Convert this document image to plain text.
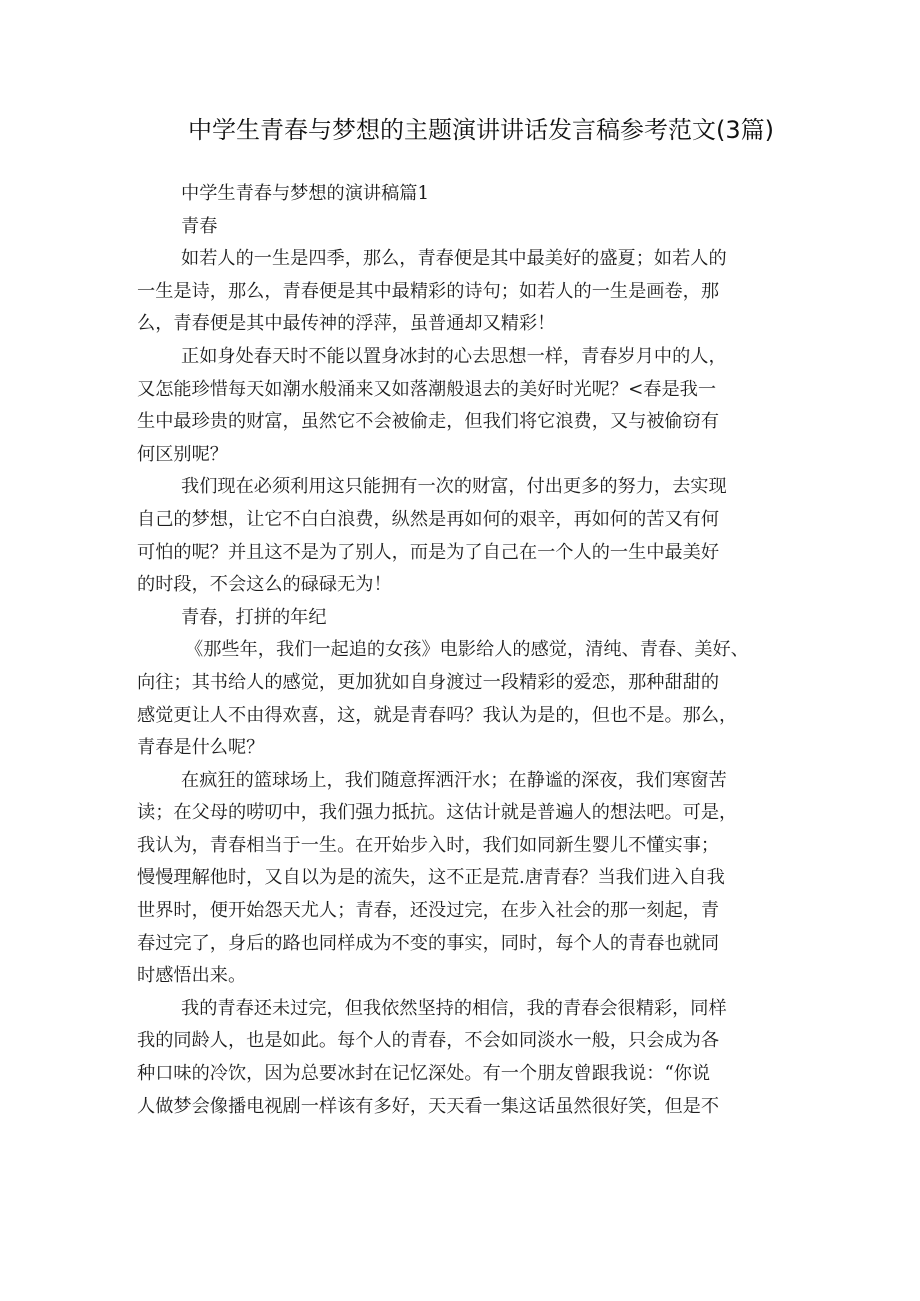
中学生青春与梦想的主题演讲讲话发言稿参考范文(3篇)
中学生青春与梦想的演讲稿篇1
青春
如若人的一生是四季，那么，青春便是其中最美好的盛夏；如若人的
一生是诗，那么，青春便是其中最精彩的诗句；如若人的一生是画卷，那
么，青春便是其中最传神的浮萍，虽普通却又精彩！
正如身处春天时不能以置身冰封的心去思想一样，青春岁月中的人，
又怎能珍惜每天如潮水般涌来又如落潮般退去的美好时光呢？<春是我一
生中最珍贵的财富，虽然它不会被偷走，但我们将它浪费，又与被偷窃有
何区别呢？
我们现在必须利用这只能拥有一次的财富，付出更多的努力，去实现
自己的梦想，让它不白白浪费，纵然是再如何的艰辛，再如何的苦又有何
可怕的呢？并且这不是为了别人，而是为了自己在一个人的一生中最美好
的时段，不会这么的碌碌无为！
青春，打拼的年纪
《那些年，我们一起追的女孩》电影给人的感觉，清纯、青春、美好、
向往；其书给人的感觉，更加犹如自身渡过一段精彩的爱恋，那种甜甜的
感觉更让人不由得欢喜，这，就是青春吗？我认为是的，但也不是。那么，
青春是什么呢？
在疯狂的篮球场上，我们随意挥洒汗水；在静谧的深夜，我们寒窗苦
读；在父母的唠叨中，我们强力抵抗。这估计就是普遍人的想法吧。可是，
我认为，青春相当于一生。在开始步入时，我们如同新生婴儿不懂实事；
慢慢理解他时，又自以为是的流失，这不正是荒.唐青春？当我们进入自我
世界时，便开始怨天尤人；青春，还没过完，在步入社会的那一刻起，青
春过完了，身后的路也同样成为不变的事实，同时，每个人的青春也就同
时感悟出来。
我的青春还未过完，但我依然坚持的相信，我的青春会很精彩，同样
我的同龄人，也是如此。每个人的青春，不会如同淡水一般，只会成为各
种口味的冷饮，因为总要冰封在记忆深处。有一个朋友曾跟我说：“你说
人做梦会像播电视剧一样该有多好，天天看一集这话虽然很好笑，但是不
